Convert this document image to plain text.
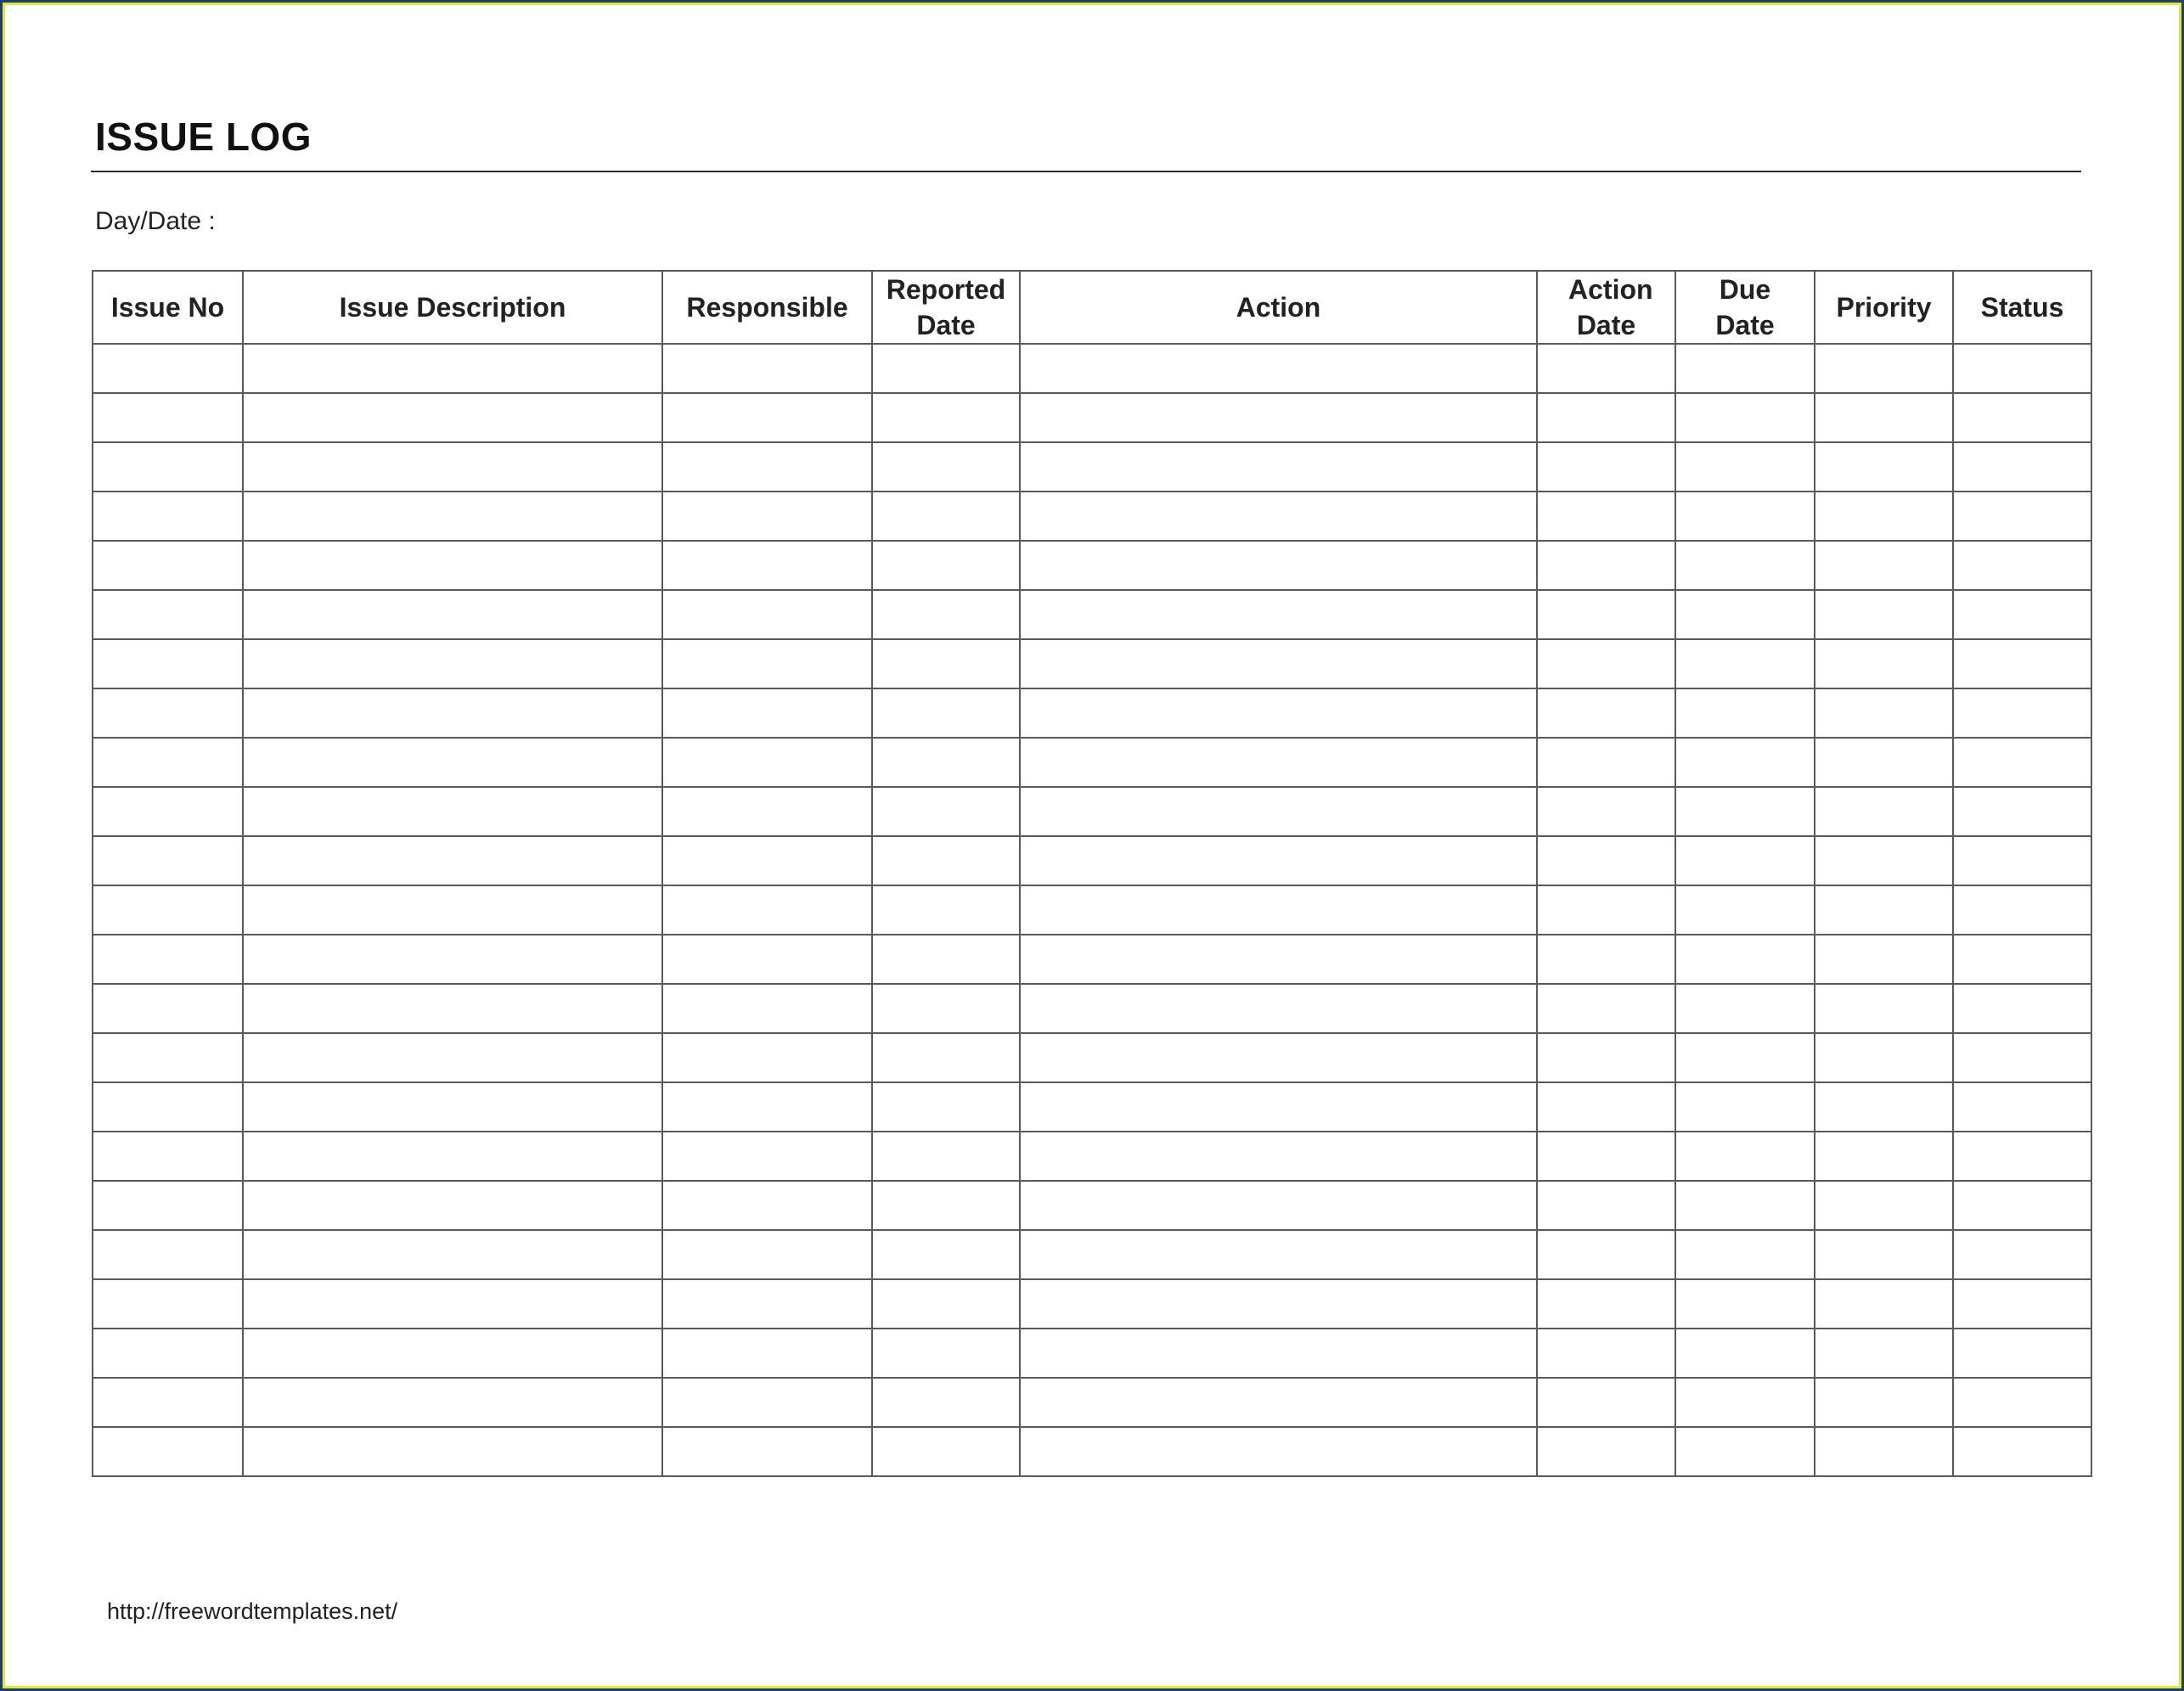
ISSUE LOG
Day/Date :
Issue No	Issue Description	Responsible	Reported Date	Action	Action Date	Due Date	Priority	Status

http://freewordtemplates.net/
